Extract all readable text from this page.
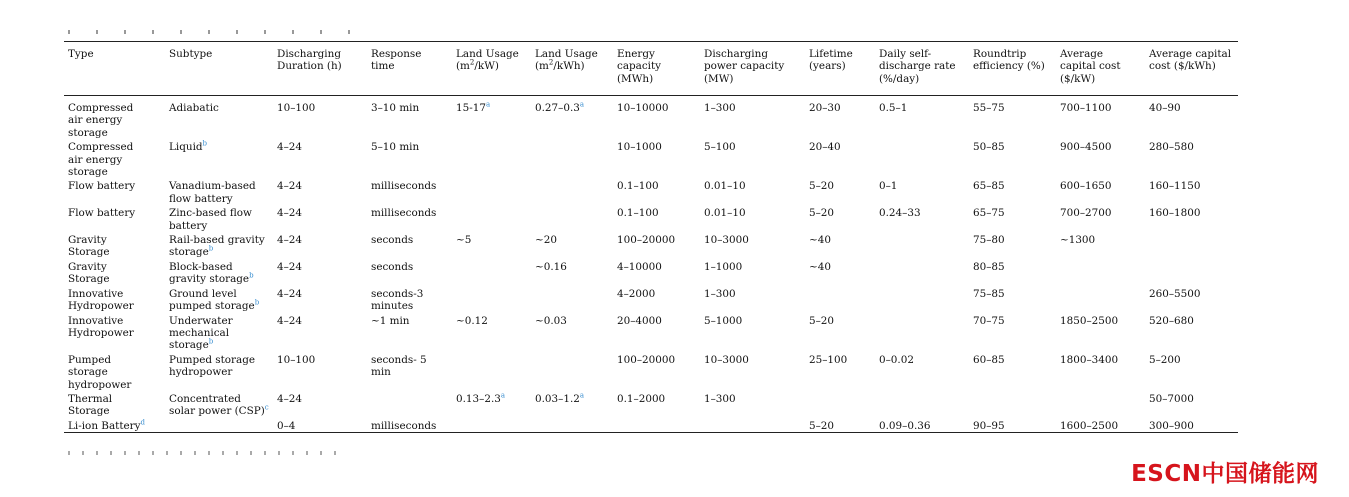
Type	Subtype	Discharging Duration (h)	Response time	Land Usage $(m^2/kW)$	Land Usage $(m^2/kWh)$	Energy capacity (MWh)	Discharging power capacity (MW)	Lifetime (years)	Daily self-discharge rate (%/day)	Roundtrip efficiency (%)	Average capital cost ($/kW)	Average capital cost ($/kWh)
Compressed air energy storage	Adiabatic	10–100	3–10 min	15-17$^a$	0.27–0.3$^a$	10–10000	1–300	20–30	0.5–1	55–75	700–1100	40–90
Compressed air energy storage	Liquid$^b$	4–24	5–10 min			10–1000	5–100	20–40		50–85	900–4500	280–580
Flow battery	Vanadium-based flow battery	4–24	milliseconds			0.1–100	0.01–10	5–20	0–1	65–85	600–1650	160–1150
Flow battery	Zinc-based flow battery	4–24	milliseconds			0.1–100	0.01–10	5–20	0.24–33	65–75	700–2700	160–1800
Gravity Storage	Rail-based gravity storage$^b$	4–24	seconds	~5	~20	100–20000	10–3000	~40		75–80	~1300	
Gravity Storage	Block-based gravity storage$^b$	4–24	seconds		~0.16	4–10000	1–1000	~40		80–85		
Innovative Hydropower	Ground level pumped storage$^b$	4–24	seconds-3 minutes			4–2000	1–300			75–85		260–5500
Innovative Hydropower	Underwater mechanical storage$^b$	4–24	~1 min	~0.12	~0.03	20–4000	5–1000	5–20		70–75	1850–2500	520–680
Pumped storage hydropower	Pumped storage hydropower	10–100	seconds- 5 min			100–20000	10–3000	25–100	0–0.02	60–85	1800–3400	5–200
Thermal Storage	Concentrated solar power (CSP)$^c$	4–24		0.13–2.3$^a$	0.03–1.2$^a$	0.1–2000	1–300					50–7000
Li-ion Battery$^d$		0–4	milliseconds					5–20	0.09–0.36	90–95	1600–2500	300–900
ESCN中国储能网
